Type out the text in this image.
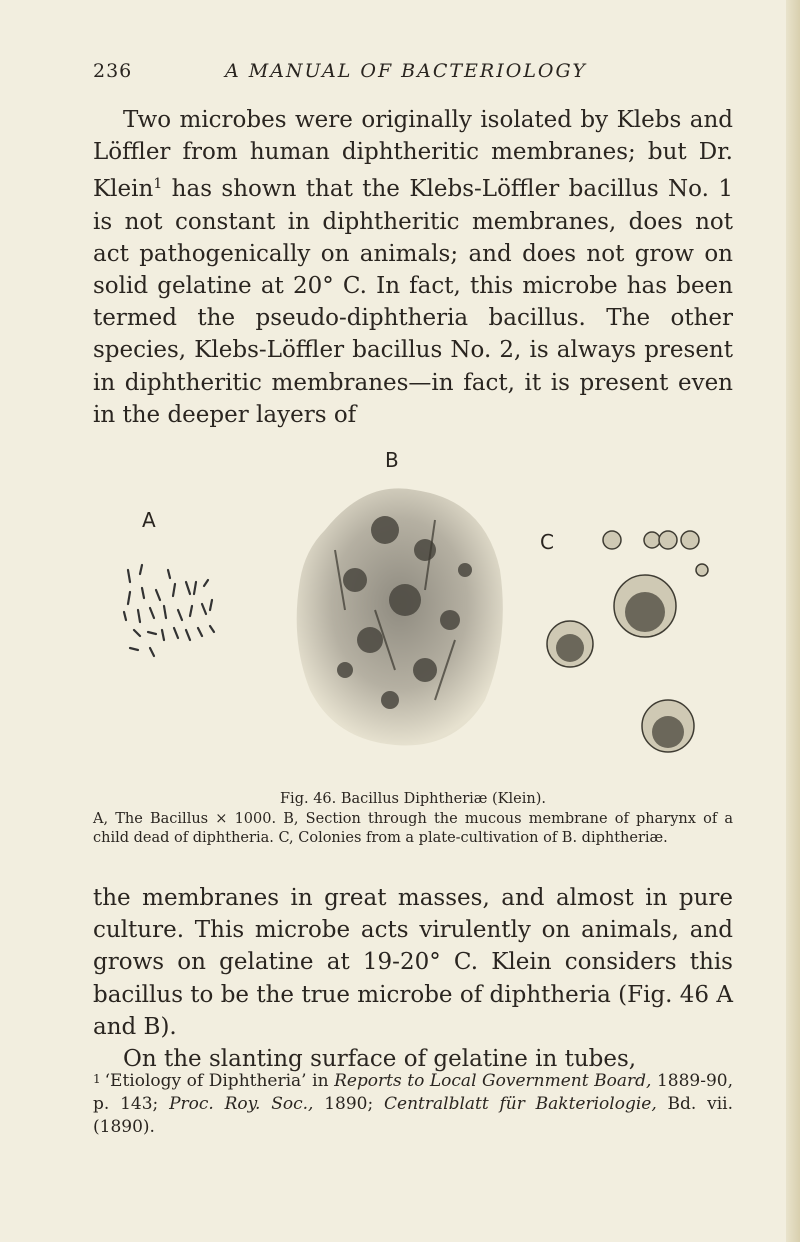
236	A MANUAL OF BACTERIOLOGY

Two microbes were originally isolated by Klebs and Löffler from human diphtheritic membranes; but Dr. Klein$^1$ has shown that the Klebs-Löffler bacillus No. 1 is not constant in diphtheritic membranes, does not act pathogenically on animals; and does not grow on solid gelatine at 20° C. In fact, this microbe has been termed the pseudo-diphtheria bacillus. The other species, Klebs-Löffler bacillus No. 2, is always present in diphtheritic membranes—in fact, it is present even in the deeper layers of

A
B
C
Fig. 46. Bacillus Diphtheriæ (Klein).
A, The Bacillus × 1000. B, Section through the mucous membrane of pharynx of a child dead of diphtheria. C, Colonies from a plate-cultivation of B. diphtheriæ.

the membranes in great masses, and almost in pure culture. This microbe acts virulently on animals, and grows on gelatine at 19-20° C. Klein considers this bacillus to be the true microbe of diphtheria (Fig. 46 A and B).

On the slanting surface of gelatine in tubes,

1 ‘Etiology of Diphtheria’ in Reports to Local Government Board, 1889-90, p. 143; Proc. Roy. Soc., 1890; Centralblatt für Bakteriologie, Bd. vii. (1890).
